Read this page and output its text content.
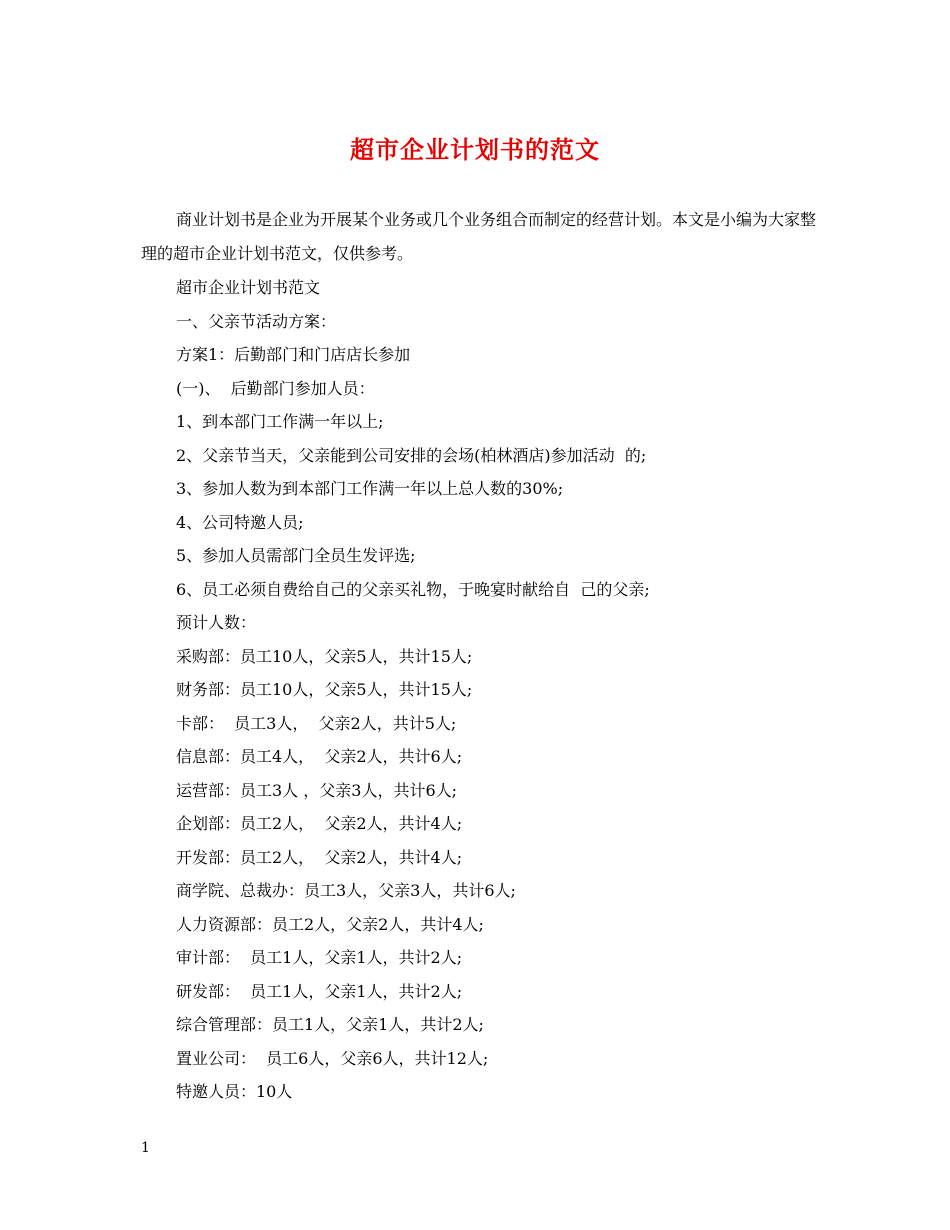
超市企业计划书的范文

商业计划书是企业为开展某个业务或几个业务组合而制定的经营计划。本文是小编为大家整理的超市企业计划书范文，仅供参考。

超市企业计划书范文

一、父亲节活动方案：

方案1：后勤部门和门店店长参加

(一)、  后勤部门参加人员：

1、到本部门工作满一年以上;

2、父亲节当天，父亲能到公司安排的会场(柏林酒店)参加活动  的;

3、参加人数为到本部门工作满一年以上总人数的30%;

4、公司特邀人员;

5、参加人员需部门全员生发评选;

6、员工必须自费给自己的父亲买礼物，于晚宴时献给自  己的父亲;

预计人数：

采购部：员工10人，父亲5人，共计15人;

财务部：员工10人，父亲5人，共计15人;

卡部：  员工3人，  父亲2人，共计5人;

信息部：员工4人，  父亲2人，共计6人;

运营部：员工3人 ，父亲3人，共计6人;

企划部：员工2人，  父亲2人，共计4人;

开发部：员工2人，  父亲2人，共计4人;

商学院、总裁办：员工3人，父亲3人，共计6人;

人力资源部：员工2人，父亲2人，共计4人;

审计部：  员工1人，父亲1人，共计2人;

研发部：  员工1人，父亲1人，共计2人;

综合管理部：员工1人，父亲1人，共计2人;

置业公司：  员工6人，父亲6人，共计12人;

特邀人员：10人

1
